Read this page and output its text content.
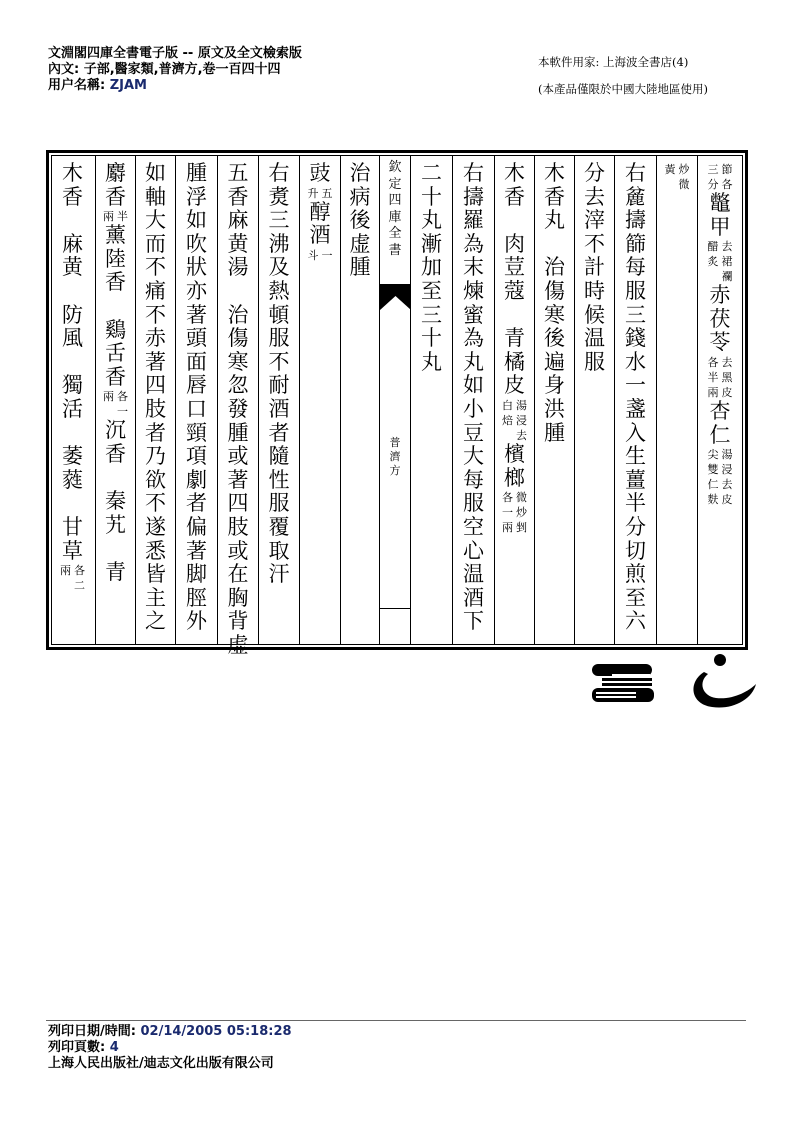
文淵閣四庫全書電子版 -- 原文及全文檢索版
內文: 子部,醫家類,普濟方,卷一百四十四
用户名稱: ZJAM
本軟件用家: 上海波全書店(4)
(本產品僅限於中國大陸地區使用)
節
各
三
分
鼈
甲
去
裙
襴
醋
炙
赤
茯
苓
去
黑
皮
各
半
兩
杏
仁
湯
浸
去
皮
尖
雙
仁
麩
炒
微
黃
右
麄
擣
篩
每
服
三
錢
水
一
盞
入
生
薑
半
分
切
煎
至
六
分
去
滓
不
計
時
候
温
服
木
香
丸
治
傷
寒
後
遍
身
洪
腫
木
香
肉
荳
蔻
青
橘
皮
湯
浸
去
白
焙
檳
榔
微
炒
剉
各
一
兩
右
擣
羅
為
末
煉
蜜
為
丸
如
小
豆
大
每
服
空
心
温
酒
下
二
十
丸
漸
加
至
三
十
丸
欽
定
四
庫
全
書
普
濟
方
治
病
後
虚
腫
豉
五
升
醇
酒
一
斗
右
煑
三
沸
及
熱
頓
服
不
耐
酒
者
隨
性
服
覆
取
汗
五
香
麻
黄
湯
治
傷
寒
忽
發
腫
或
著
四
肢
或
在
胸
背
虚
腫
浮
如
吹
狀
亦
著
頭
面
唇
口
頸
項
劇
者
偏
著
脚
脛
外
如
軸
大
而
不
痛
不
赤
著
四
肢
者
乃
欲
不
遂
悉
皆
主
之
麝
香
半
兩
薰
陸
香
鷄
舌
香
各
一
兩
沉
香
秦
艽
青
木
香
麻
黄
防
風
獨
活
萎
蕤
甘
草
各
二
兩
列印日期/時間: 02/14/2005 05:18:28
列印頁數: 4
上海人民出版社/迪志文化出版有限公司
